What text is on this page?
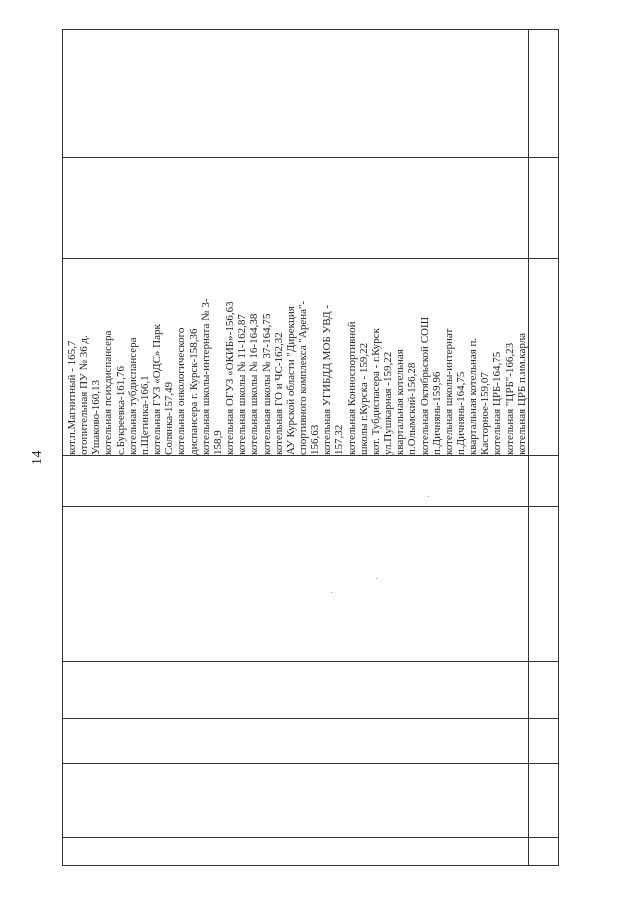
14
кот.п.Магнитный - 165,7 отопительная ПУ № 36 д. Ушаково-160,13 котельная психдиспансера с.Букреевка-161,76 котельная тубдиспансера п.Щетинка-166,1 котельная ГУЗ «ОДС» Парк Солянка-157,49 котельная онкологического диспансера г. Курск-158,36 котельная школы-интерната № 3- 158,9 котельная ОГУЗ «ОКИБ»-156,63 котельная школы № 11-162,87 котельная школы № 16-164,38 котельная школы № 37-164,75 котельная ГО и ЧС-162,32 АУ Курской области "Дирекция спортивного комплекса "Арена"- 156,63 котельная УГИБДД МОБ УВД - 157,32 котельная Конноспортивной школы г.Курска - 159,22 кот. Тубдиспасера - г.Курск ул.Пушкарная -159,22 квартальная котельная п.Олымский-156,28 котельная Октябрьской СОШ п.Дичнянь-159,96 котельная школы-интернат п.Дичнянь-164,75 квартальная котельная п. Касторное-159,07 котельная ЦРБ-164,75 котельная "ЦРБ"-166,23 котельная ЦРБ п.им.карла
